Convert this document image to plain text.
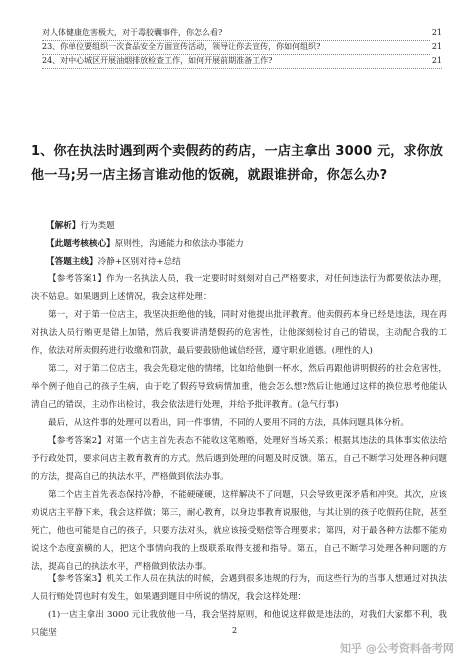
对人体健康危害极大，对于毒胶囊事件，你怎么看?	21
23、你单位要组织一次食品安全方面宣传活动，领导让你去宣传，你如何组织?	21
24、对中心城区开展油烟排放检查工作，如何开展前期准备工作?	21
1、你在执法时遇到两个卖假药的药店，一店主拿出 3000 元，求你放他一马;另一店主扬言谁动他的饭碗，就跟谁拼命，你怎么办?
【解析】行为类题
【此题考核核心】原则性，沟通能力和依法办事能力
【答题主线】冷静+区别对待+总结
【参考答案1】作为一名执法人员，我一定要时时刻刻对自己严格要求，对任何违法行为都要依法办理，决不姑息。如果遇到上述情况，我会这样处理：
第一，对于第一位店主，我坚决拒绝他的钱，同时对他提出批评教育。他卖假药本身已经是违法，现在再对执法人员行贿更是错上加错，然后我要讲清楚假药的危害性，让他深刻检讨自己的错误，主动配合我的工作，依法对所卖假药进行收缴和罚款，最后要鼓励他诚信经营，遵守职业道德。(理性的人)
第二，对于第二位店主，我会先稳定他的情绪，比如给他倒一杯水，然后再跟他讲明假药的社会危害性，举个例子他自己的孩子生病，由于吃了假药导致病情加重，他会怎么想?然后让他通过这样的换位思考他能认清自己的错误，主动作出检讨，我会依法进行处理，并给予批评教育。(急气行事)
最后，从这件事的处理可以看出，同一件事情，不同的人要用不同的方法，具体问题具体分析。
【参考答案2】对第一个店主首先表态不能收这笔贿赂，处理好当场关系；根据其违法的具体事实依法给予行政处罚，要求问店主教育教育的方式。然后遇到处理的问题及时反馈。第五，自己不断学习处理各种问题的方法，提高自己的执法水平，严格做到依法办事。
第二个店主首先表态保持冷静，不能硬碰硬，这样解决不了问题，只会导致更深矛盾和冲突。其次，应该劝说店主平静下来，我会这样做；第三，耐心教育，以身边事教育说服他，与其让别的孩子吃假药住院，甚至死亡，他也可能是自己的孩子，只要方法对头，就应该接受赔偿等合理要求；第四，对于最各种方法都不能劝说这个态度蛮横的人，把这个事情向我的上级联系取得支援和指导。第五，自己不断学习处理各种问题的方法，提高自己的执法水平，严格做到依法办事。
【参考答案3】机关工作人员在执法的时候，会遇到很多违规的行为，而这些行为的当事人想通过对执法人员行贿处罚也时有发生，如果遇到题目中所说的情况，我会这样处理：
(1)一店主拿出 3000 元让我放他一马，我会坚持原则，和他说这样做是违法的，对我们大家都不利，我只能坚	2
知乎 @公考资料备考网
